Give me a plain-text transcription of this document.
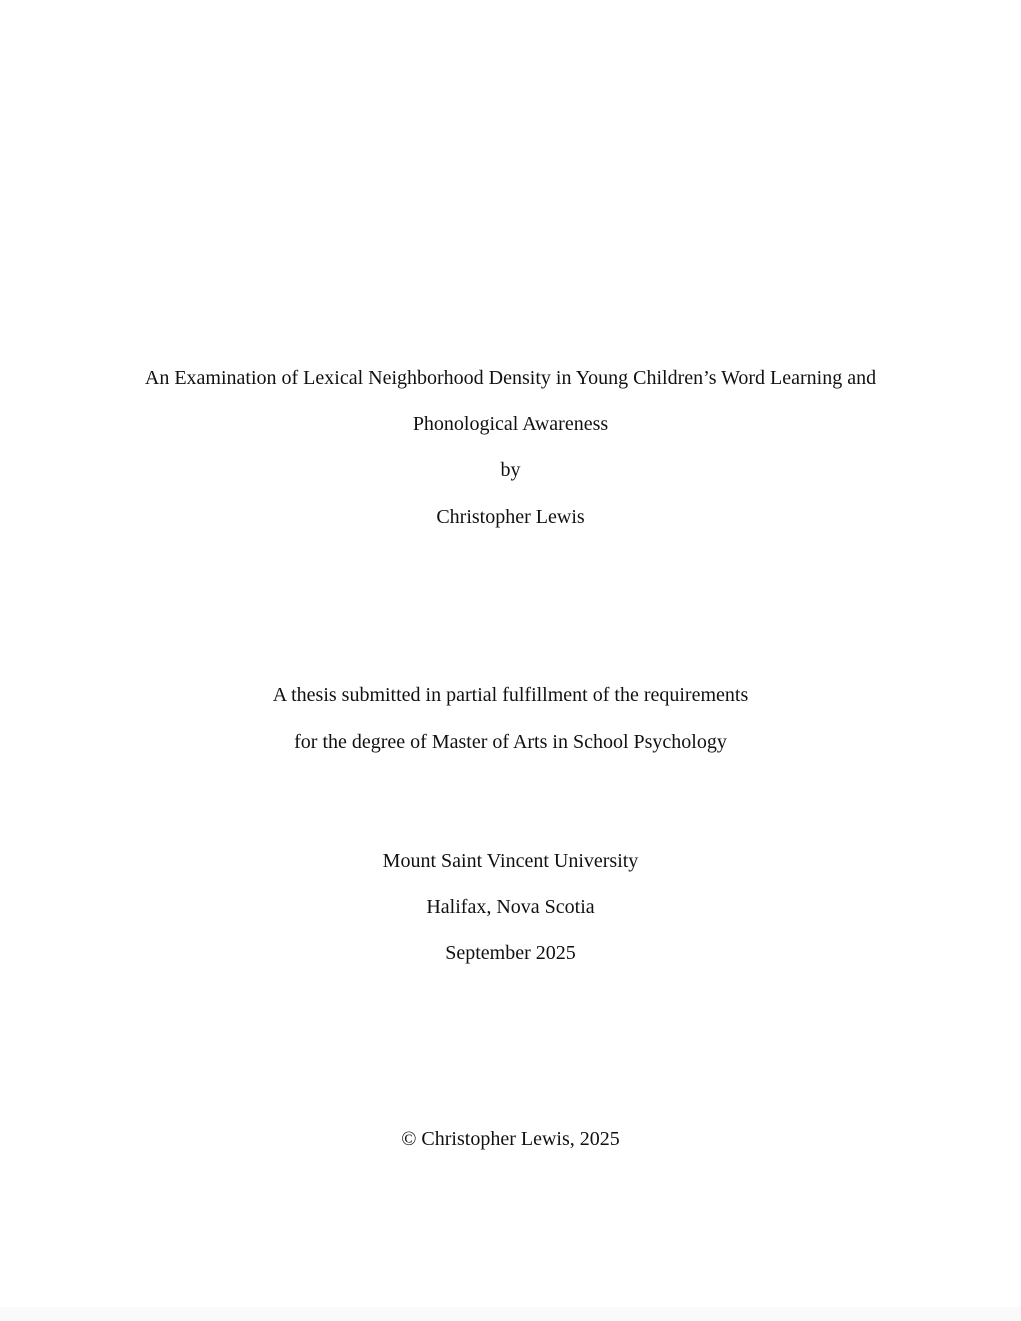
An Examination of Lexical Neighborhood Density in Young Children’s Word Learning and
Phonological Awareness
by
Christopher Lewis
A thesis submitted in partial fulfillment of the requirements
for the degree of Master of Arts in School Psychology
Mount Saint Vincent University
Halifax, Nova Scotia
September 2025
© Christopher Lewis, 2025
